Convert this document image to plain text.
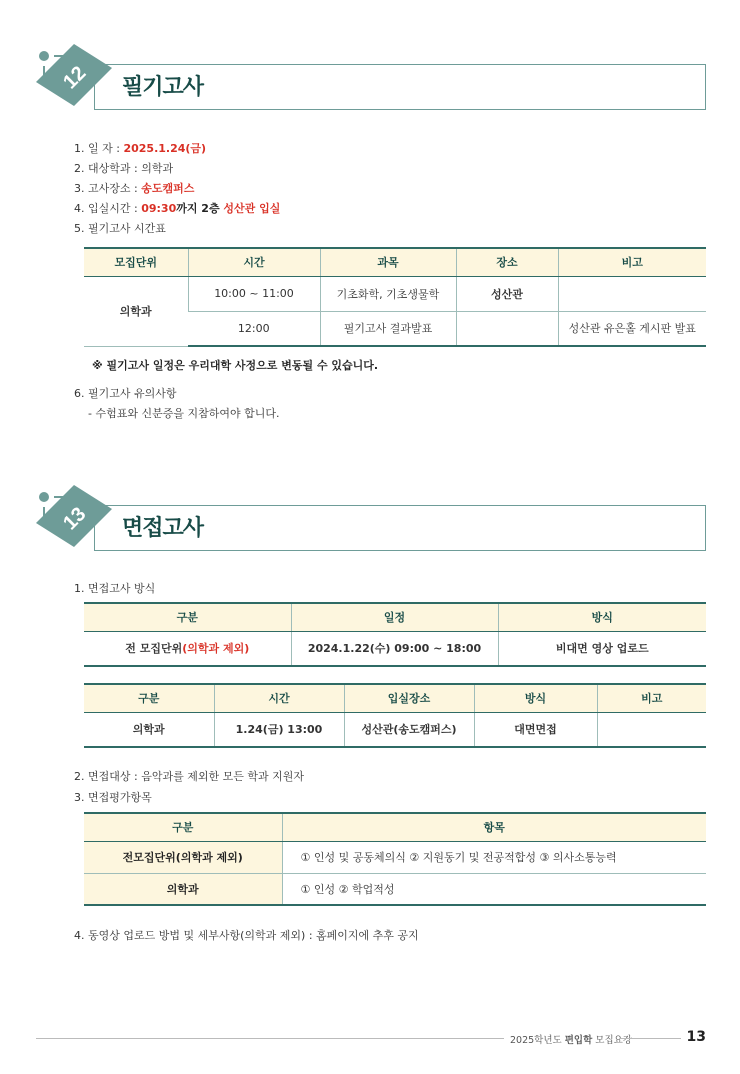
12 필기고사
1. 일 자 : 2025.1.24(금)
2. 대상학과 : 의학과
3. 고사장소 : 송도캠퍼스
4. 입실시간 : 09:30까지 2층 성산관 입실
5. 필기고사 시간표
모집단위	시간	과목	장소	비고
의학과	10:00 ~ 11:00	기초화학, 기초생물학	성산관	
	12:00	필기고사 결과발표		성산관 유은홀 게시판 발표
※ 필기고사 일정은 우리대학 사정으로 변동될 수 있습니다.
6. 필기고사 유의사항
- 수험표와 신분증을 지참하여야 합니다.
13 면접고사
1. 면접고사 방식
구분	일정	방식
전 모집단위(의학과 제외)	2024.1.22(수) 09:00 ~ 18:00	비대면 영상 업로드
구분	시간	입실장소	방식	비고
의학과	1.24(금) 13:00	성산관(송도캠퍼스)	대면면접	
2. 면접대상 : 음악과를 제외한 모든 학과 지원자
3. 면접평가항목
구분	항목
전모집단위(의학과 제외)	① 인성 및 공동체의식 ② 지원동기 및 전공적합성 ③ 의사소통능력
의학과	① 인성 ② 학업적성
4. 동영상 업로드 방법 및 세부사항(의학과 제외) : 홈페이지에 추후 공지
2025학년도 편입학 모집요강	13
